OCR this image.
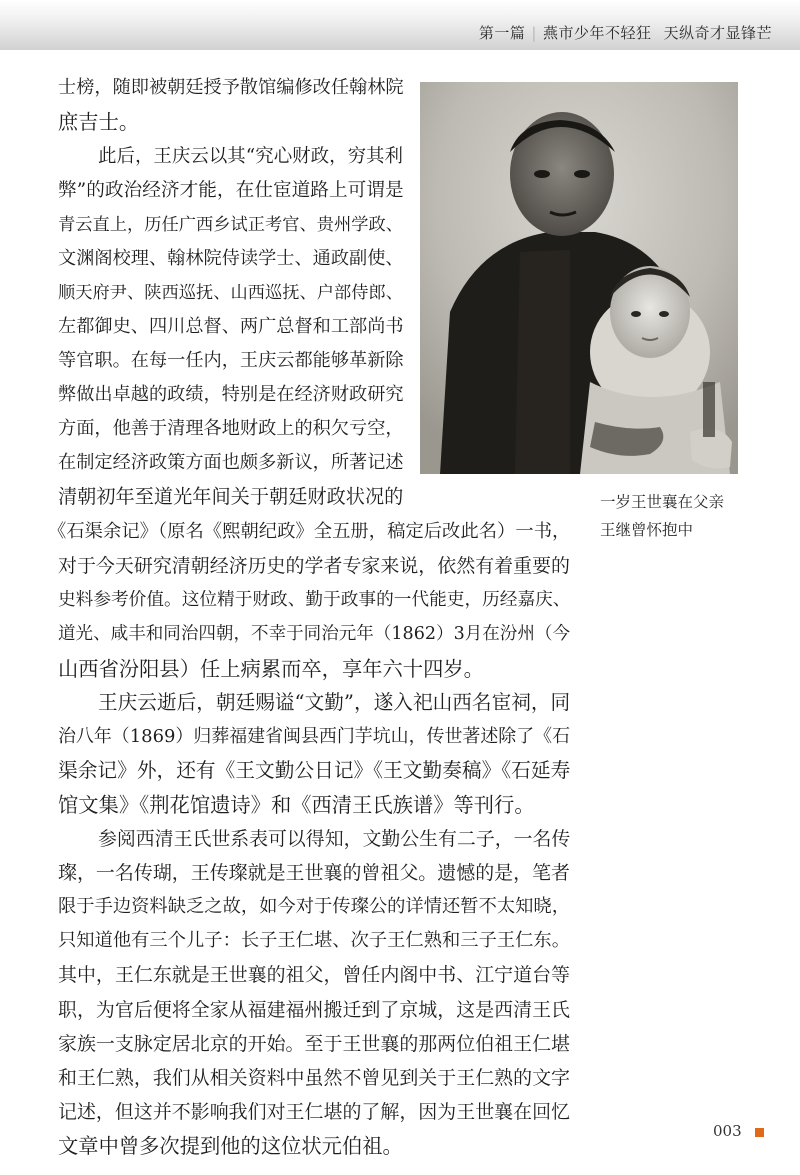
第一篇 | 燕市少年不轻狂 天纵奇才显锋芒

一岁王世襄在父亲

王继曾怀抱中

士榜，随即被朝廷授予散馆编修改任翰林院

庶吉士。

此后，王庆云以其“究心财政，穷其利

弊”的政治经济才能，在仕宦道路上可谓是

青云直上，历任广西乡试正考官、贵州学政、

文渊阁校理、翰林院侍读学士、通政副使、

顺天府尹、陕西巡抚、山西巡抚、户部侍郎、

左都御史、四川总督、两广总督和工部尚书

等官职。在每一任内，王庆云都能够革新除

弊做出卓越的政绩，特别是在经济财政研究

方面，他善于清理各地财政上的积欠亏空，

在制定经济政策方面也颇多新议，所著记述

清朝初年至道光年间关于朝廷财政状况的

《石渠余记》（原名《熙朝纪政》全五册，稿定后改此名）一书，

对于今天研究清朝经济历史的学者专家来说，依然有着重要的

史料参考价值。这位精于财政、勤于政事的一代能吏，历经嘉庆、

道光、咸丰和同治四朝，不幸于同治元年（1862）3月在汾州（今

山西省汾阳县）任上病累而卒，享年六十四岁。

王庆云逝后，朝廷赐谥“文勤”，遂入祀山西名宦祠，同

治八年（1869）归葬福建省闽县西门芋坑山，传世著述除了《石

渠余记》外，还有《王文勤公日记》《王文勤奏稿》《石延寿

馆文集》《荆花馆遗诗》和《西清王氏族谱》等刊行。

参阅西清王氏世系表可以得知，文勤公生有二子，一名传

璨，一名传瑚，王传璨就是王世襄的曾祖父。遗憾的是，笔者

限于手边资料缺乏之故，如今对于传璨公的详情还暂不太知晓，

只知道他有三个儿子：长子王仁堪、次子王仁熟和三子王仁东。

其中，王仁东就是王世襄的祖父，曾任内阁中书、江宁道台等

职，为官后便将全家从福建福州搬迁到了京城，这是西清王氏

家族一支脉定居北京的开始。至于王世襄的那两位伯祖王仁堪

和王仁熟，我们从相关资料中虽然不曾见到关于王仁熟的文字

记述，但这并不影响我们对王仁堪的了解，因为王世襄在回忆

文章中曾多次提到他的这位状元伯祖。

003
